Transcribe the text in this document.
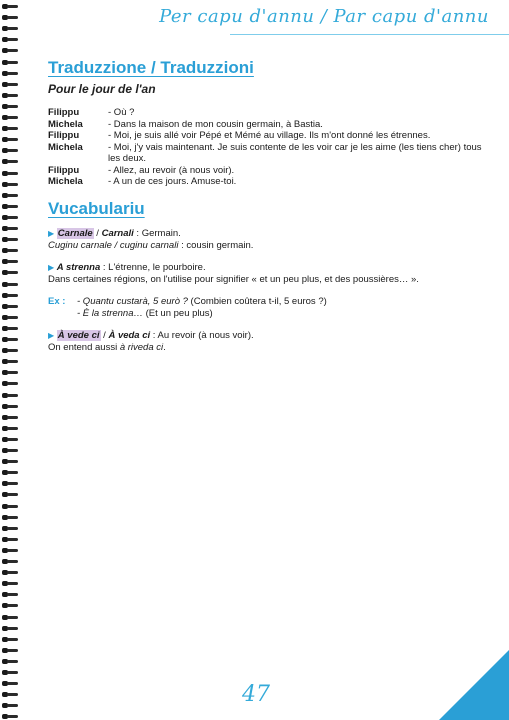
Per capu d'annu / Par capu d'annu
Traduzzione / Traduzzioni
Pour le jour de l'an
Filippu	- Où ?
Michela	- Dans la maison de mon cousin germain, à Bastia.
Filippu	- Moi, je suis allé voir Pépé et Mémé au village. Ils m'ont donné les étrennes.
Michela	- Moi, j'y vais maintenant. Je suis contente de les voir car je les aime (les tiens cher) tous les deux.
Filippu	- Allez, au revoir (à nous voir).
Michela	- A un de ces jours. Amuse-toi.
Vucabulariu

▶ Carnale / Carnali : Germain.

Cuginu carnale / cuginu carnali : cousin germain.

▶ A strenna : L'étrenne, le pourboire.

Dans certaines régions, on l'utilise pour signifier « et un peu plus, et des poussières… ».

Ex :	- Quantu custarà, 5 eurò ? (Combien coûtera t-il, 5 euros ?)

- È la strenna… (Et un peu plus)

▶ À vede ci / À veda ci : Au revoir (à nous voir).

On entend aussi à riveda ci.

47
